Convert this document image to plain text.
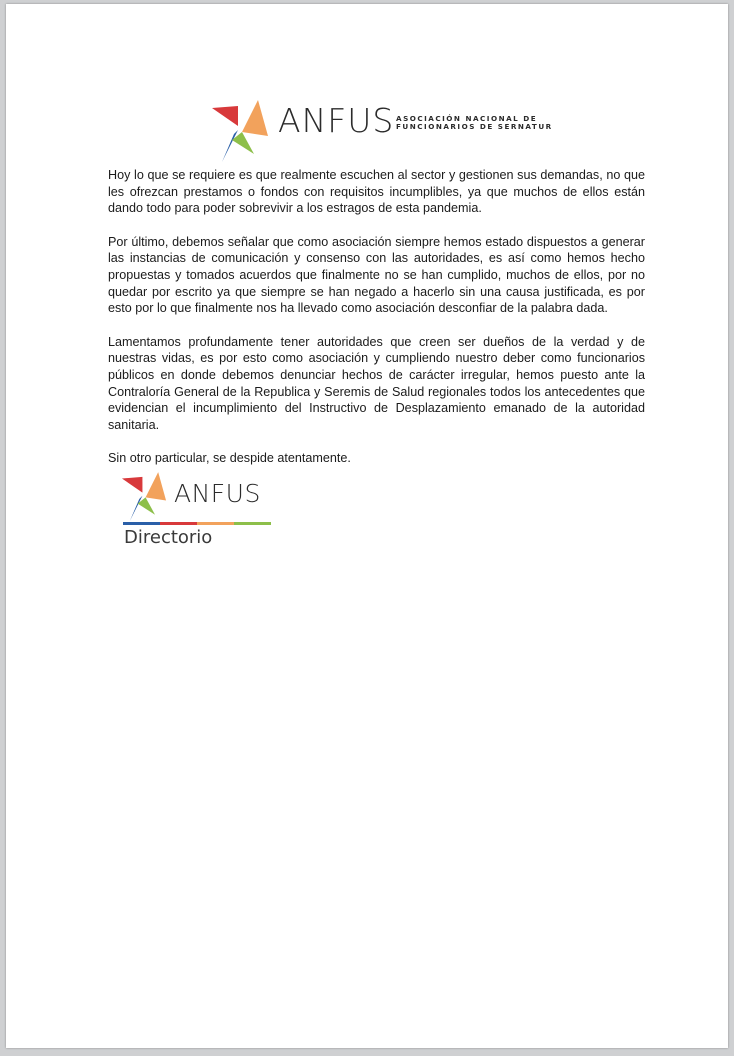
ANFUS ASOCIACIÓN NACIONAL DE
FUNCIONARIOS DE SERNATUR

Hoy lo que se requiere es que realmente escuchen al sector y gestionen sus demandas, no que les ofrezcan prestamos o fondos con requisitos incumplibles, ya que muchos de ellos están dando todo para poder sobrevivir a los estragos de esta pandemia.

Por último, debemos señalar que como asociación siempre hemos estado dispuestos a generar las instancias de comunicación y consenso con las autoridades, es así como hemos hecho propuestas y tomados acuerdos que finalmente no se han cumplido, muchos de ellos, por no quedar por escrito ya que siempre se han negado a hacerlo sin una causa justificada, es por esto por lo que finalmente nos ha llevado como asociación desconfiar de la palabra dada.

Lamentamos profundamente tener autoridades que creen ser dueños de la verdad y de nuestras vidas, es por esto como asociación y cumpliendo nuestro deber como funcionarios públicos en donde debemos denunciar hechos de carácter irregular, hemos puesto ante la Contraloría General de la Republica y Seremis de Salud regionales todos los antecedentes que evidencian el incumplimiento del Instructivo de Desplazamiento emanado de la autoridad sanitaria.

Sin otro particular, se despide atentamente.

ANFUS
Directorio
